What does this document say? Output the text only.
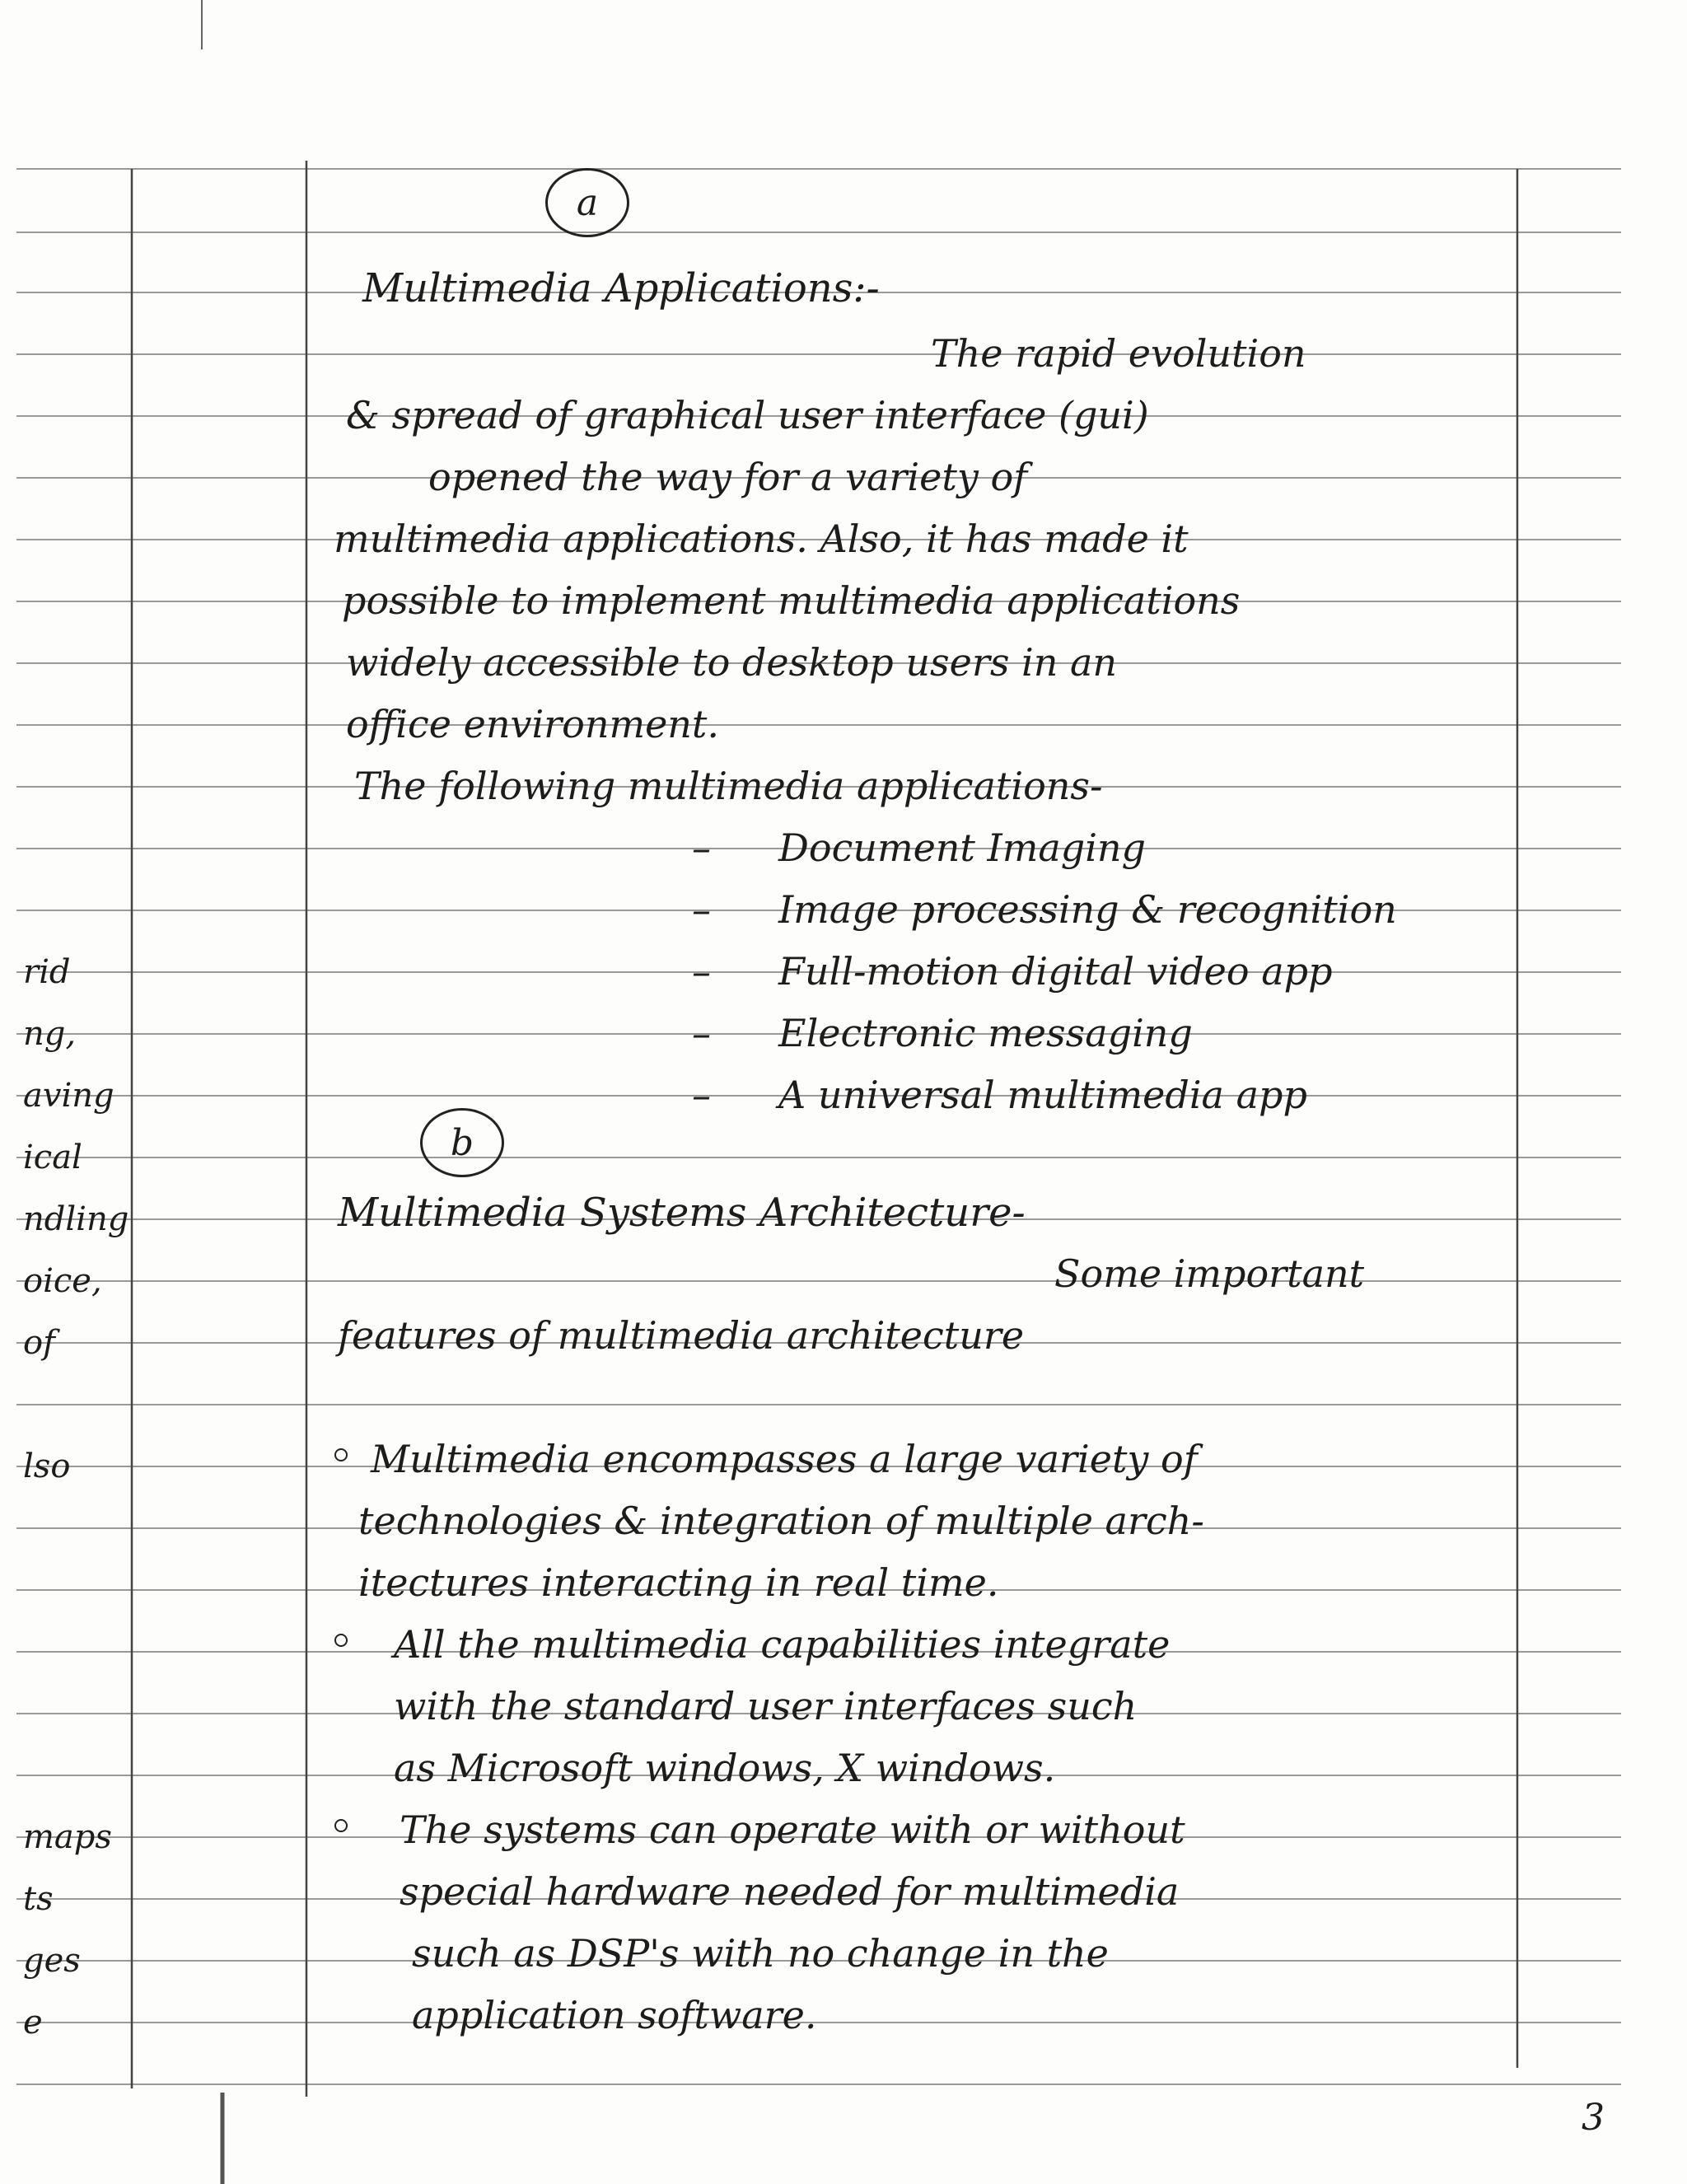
a
Multimedia Applications:-
The rapid evolution
& spread of graphical user interface (gui)
opened the way for a variety of
multimedia applications. Also, it has made it
possible to implement multimedia applications
widely accessible to desktop users in an
office environment.
The following multimedia applications-
– Document Imaging
– Image processing & recognition
– Full-motion digital video app
– Electronic messaging
– A universal multimedia app
b
Multimedia Systems Architecture-
Some important
features of multimedia architecture
Multimedia encompasses a large variety of
technologies & integration of multiple arch-
itectures interacting in real time.
All the multimedia capabilities integrate
with the standard user interfaces such
as Microsoft windows, X windows.
The systems can operate with or without
special hardware needed for multimedia
such as DSP's with no change in the
application software.
rid
ng,
aving
ical
ndling
oice,
of
lso
maps
ts
ges
e
3
